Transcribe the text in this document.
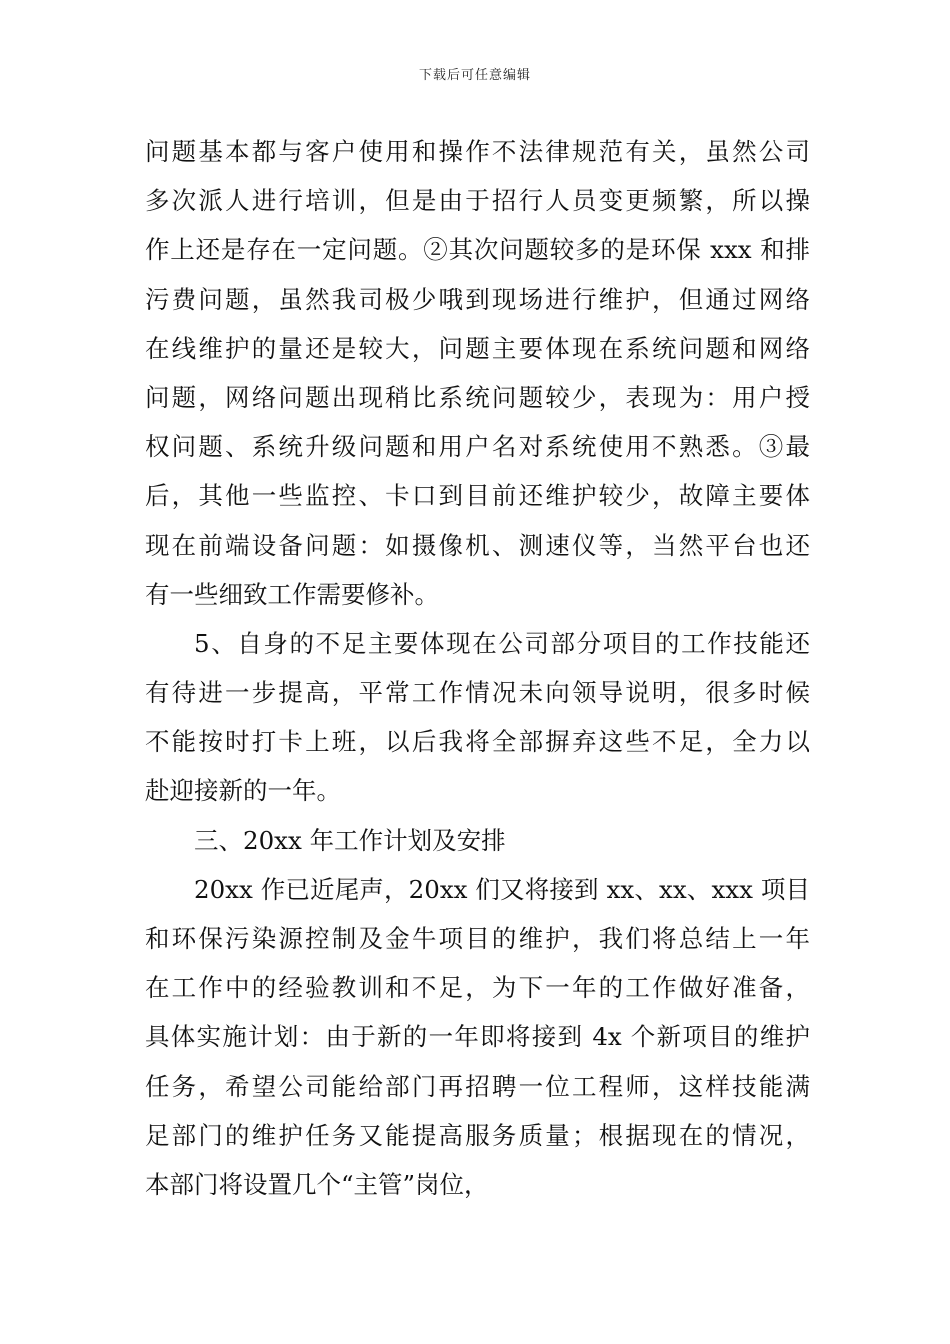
下载后可任意编辑
问题基本都与客户使用和操作不法律规范有关，虽然公司
多次派人进行培训，但是由于招行人员变更频繁，所以操
作上还是存在一定问题。②其次问题较多的是环保 xxx 和排
污费问题，虽然我司极少哦到现场进行维护，但通过网络
在线维护的量还是较大，问题主要体现在系统问题和网络
问题，网络问题出现稍比系统问题较少，表现为：用户授
权问题、系统升级问题和用户名对系统使用不熟悉。③最
后，其他一些监控、卡口到目前还维护较少，故障主要体
现在前端设备问题：如摄像机、测速仪等，当然平台也还
有一些细致工作需要修补。
5、自身的不足主要体现在公司部分项目的工作技能还
有待进一步提高，平常工作情况未向领导说明，很多时候
不能按时打卡上班，以后我将全部摒弃这些不足，全力以
赴迎接新的一年。
三、20xx 年工作计划及安排
20xx 作已近尾声，20xx 们又将接到 xx、xx、xxx 项目
和环保污染源控制及金牛项目的维护，我们将总结上一年
在工作中的经验教训和不足，为下一年的工作做好准备，
具体实施计划：由于新的一年即将接到 4x 个新项目的维护
任务，希望公司能给部门再招聘一位工程师，这样技能满
足部门的维护任务又能提高服务质量；根据现在的情况，
本部门将设置几个“主管”岗位，
